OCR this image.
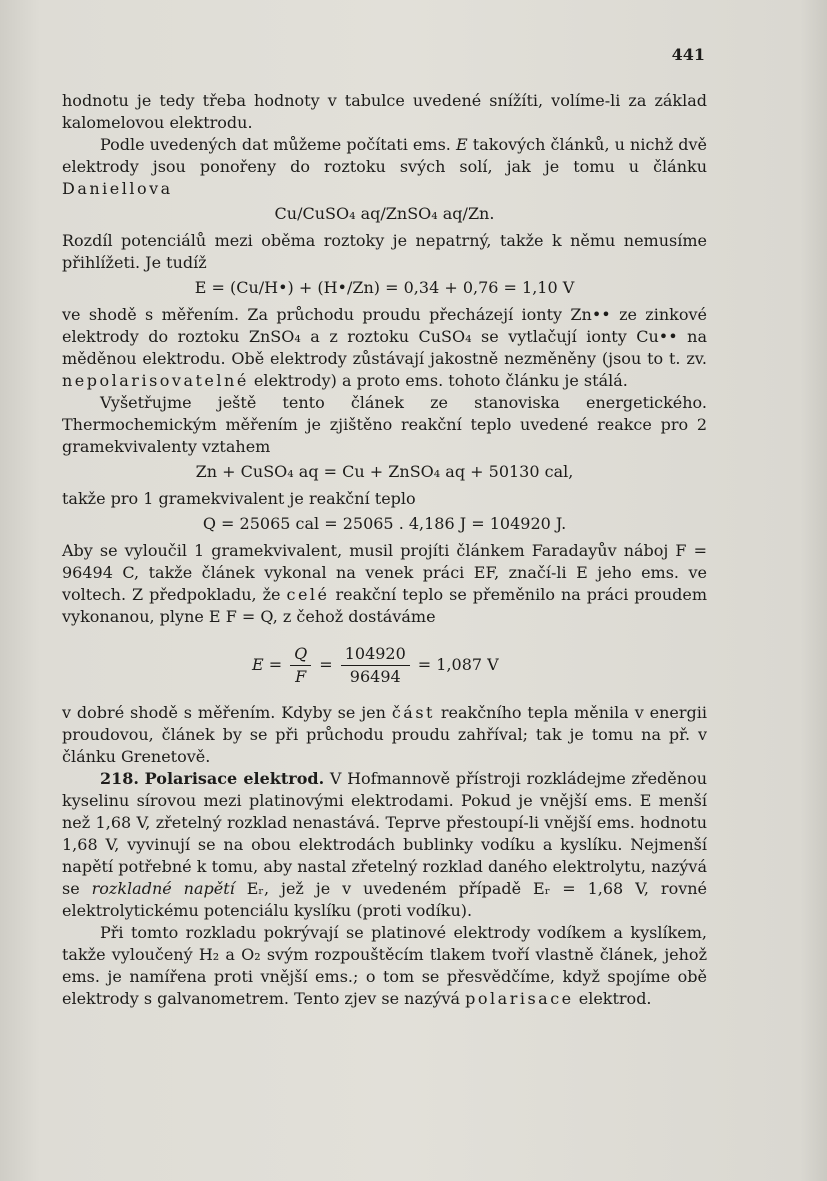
441

hodnotu je tedy třeba hodnoty v tabulce uvedené snížíti, volíme-li za základ kalomelovou elektrodu.

Podle uvedených dat můžeme počítati ems. E takových článků, u nichž dvě elektrody jsou ponořeny do roztoku svých solí, jak je tomu u článku Daniellova

Cu/CuSO₄ aq/ZnSO₄ aq/Zn.

Rozdíl potenciálů mezi oběma roztoky je nepatrný, takže k němu nemusíme přihlížeti. Je tudíž

E = (Cu/H•) + (H•/Zn) = 0,34 + 0,76 = 1,10 V

ve shodě s měřením. Za průchodu proudu přecházejí ionty Zn•• ze zinkové elektrody do roztoku ZnSO₄ a z roztoku CuSO₄ se vytlačují ionty Cu•• na měděnou elektrodu. Obě elektrody zůstávají jakostně nezměněny (jsou to t. zv. nepolarisovatelné elektrody) a proto ems. tohoto článku je stálá.

Vyšetřujme ještě tento článek ze stanoviska energetického. Thermochemickým měřením je zjištěno reakční teplo uvedené reakce pro 2 gramekvivalenty vztahem

Zn + CuSO₄ aq = Cu + ZnSO₄ aq + 50130 cal,

takže pro 1 gramekvivalent je reakční teplo

Q = 25065 cal = 25065 . 4,186 J = 104920 J.

Aby se vyloučil 1 gramekvivalent, musil projíti článkem Faradayův náboj F = 96494 C, takže článek vykonal na venek práci EF, značí-li E jeho ems. ve voltech. Z předpokladu, že celé reakční teplo se přeměnilo na práci proudem vykonanou, plyne E F = Q, z čehož dostáváme

$E = \frac{Q}{F} = \frac{104920}{96494} = 1,087$ V

v dobré shodě s měřením. Kdyby se jen část reakčního tepla měnila v energii proudovou, článek by se při průchodu proudu zahříval; tak je tomu na př. v článku Grenetově.

218. Polarisace elektrod. V Hofmannově přístroji rozkládejme zředěnou kyselinu sírovou mezi platinovými elektrodami. Pokud je vnější ems. E menší než 1,68 V, zřetelný rozklad nenastává. Teprve přestoupí-li vnější ems. hodnotu 1,68 V, vyvinují se na obou elektrodách bublinky vodíku a kyslíku. Nejmenší napětí potřebné k tomu, aby nastal zřetelný rozklad daného elektrolytu, nazývá se rozkladné napětí Eᵣ, jež je v uvedeném případě Eᵣ = 1,68 V, rovné elektrolytickému potenciálu kyslíku (proti vodíku).

Při tomto rozkladu pokrývají se platinové elektrody vodíkem a kyslíkem, takže vyloučený H₂ a O₂ svým rozpouštěcím tlakem tvoří vlastně článek, jehož ems. je namířena proti vnější ems.; o tom se přesvědčíme, když spojíme obě elektrody s galvanometrem. Tento zjev se nazývá polarisace elektrod.
